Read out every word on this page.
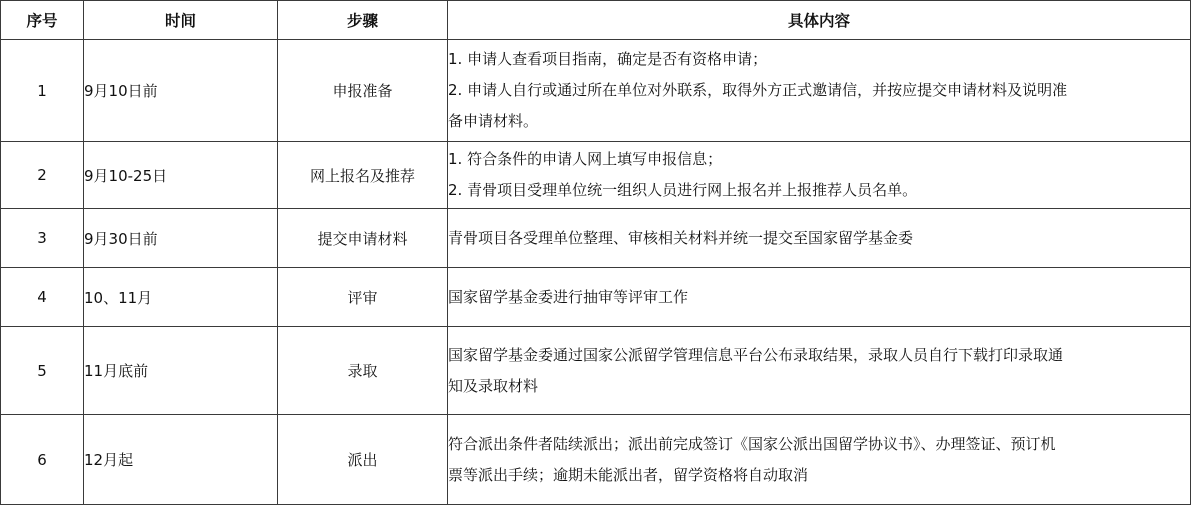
序号	时间	步骤	具体内容
1	9月10日前	申报准备	1. 申请人查看项目指南，确定是否有资格申请；
2. 申请人自行或通过所在单位对外联系，取得外方正式邀请信，并按应提交申请材料及说明准
备申请材料。

2	9月10-25日	网上报名及推荐	1. 符合条件的申请人网上填写申报信息；
2. 青骨项目受理单位统一组织人员进行网上报名并上报推荐人员名单。

3	9月30日前	提交申请材料	青骨项目各受理单位整理、审核相关材料并统一提交至国家留学基金委

4	10、11月	评审	国家留学基金委进行抽审等评审工作

5	11月底前	录取	国家留学基金委通过国家公派留学管理信息平台公布录取结果，录取人员自行下载打印录取通
知及录取材料

6	12月起	派出	符合派出条件者陆续派出；派出前完成签订《国家公派出国留学协议书》、办理签证、预订机
票等派出手续；逾期未能派出者，留学资格将自动取消
